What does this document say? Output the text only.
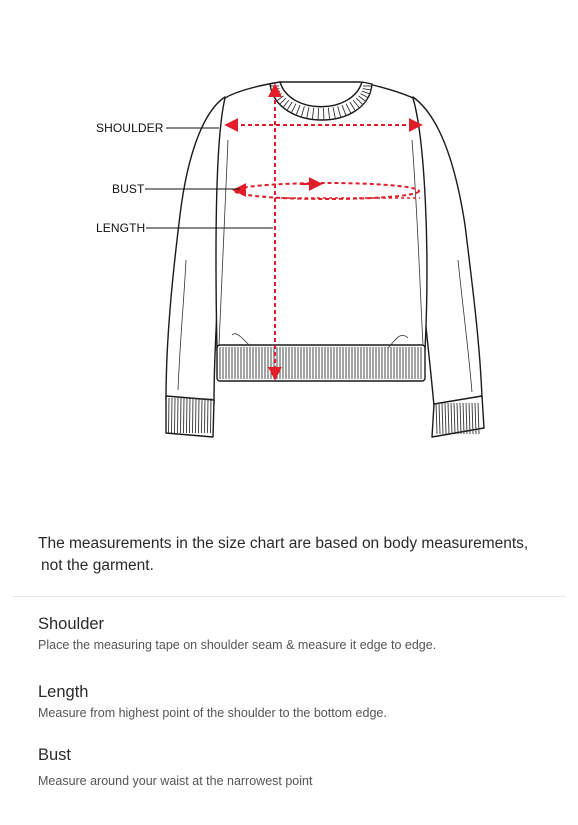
SHOULDER
BUST
LENGTH
The measurements in the size chart are based on body measurements,
not the garment.
Shoulder
Place the measuring tape on shoulder seam & measure it edge to edge.
Length
Measure from highest point of the shoulder to the bottom edge.
Bust
Measure around your waist at the narrowest point
